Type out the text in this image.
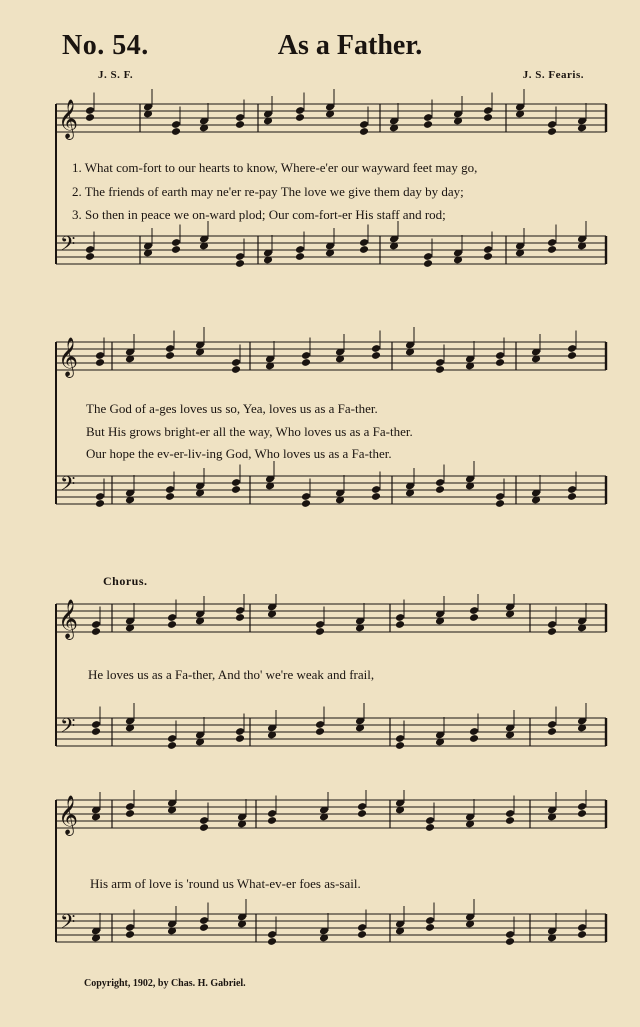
No. 54.	As a Father.
J. S. F.	J. S. Fearis.
𝄞
𝄢
1. What com-fort to our hearts to know, Where-e'er our wayward feet may go,
2. The friends of earth may ne'er re-pay The love we give them day by day;
3. So then in peace we on-ward plod; Our com-fort-er His staff and rod;
𝄞
𝄢
The God of a-ges loves us so, Yea, loves us as a Fa-ther.
But His grows bright-er all the way, Who loves us as a Fa-ther.
Our hope the ev-er-liv-ing God, Who loves us as a Fa-ther.
Chorus.
𝄞
𝄢
He loves us as a Fa-ther, And tho' we're weak and frail,
𝄞
𝄢
His arm of love is 'round us What-ev-er foes as-sail.
Copyright, 1902, by Chas. H. Gabriel.
